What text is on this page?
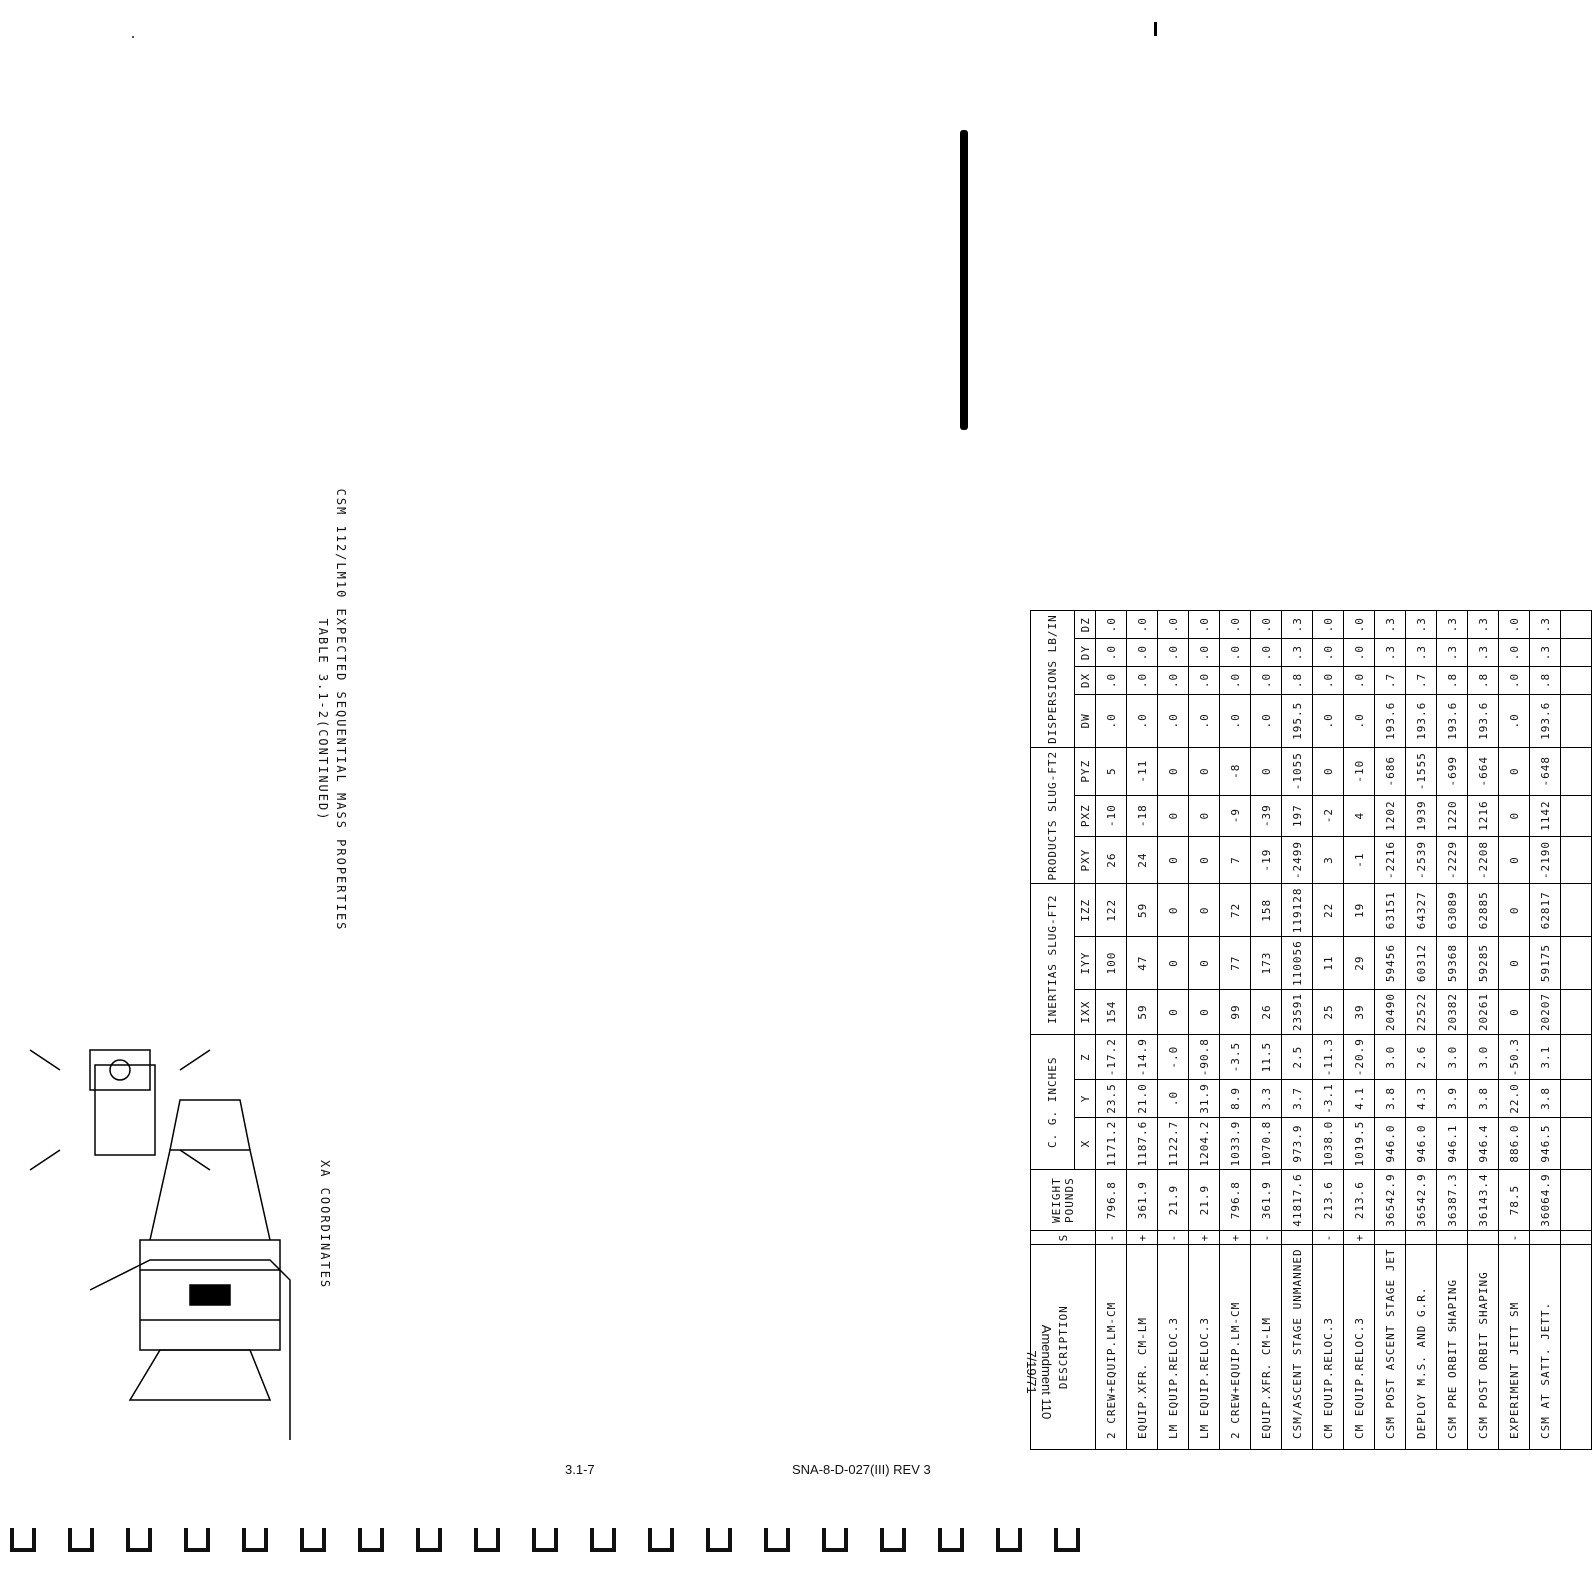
Amendment 110
7/19/71
TABLE 3.1-2(CONTINUED) CSM 112/LM10 EXPECTED SEQUENTIAL MASS PROPERTIES
DESCRIPTION	S	WEIGHT POUNDS	C. G. INCHES			INERTIAS SLUG-FT2			PRODUCTS SLUG-FT2			DISPERSIONS LB/IN			
			X	Y	Z	IXX	IYY	IZZ	PXY	PXZ	PYZ	DW	DX	DY	DZ
2 CREW+EQUIP.LM-CM	-	796.8	1171.2	23.5	-17.2	154	100	122	26	-10	5	.0	.0	.0	.0
EQUIP.XFR. CM-LM	+	361.9	1187.6	21.0	-14.9	59	47	59	24	-18	-11	.0	.0	.0	.0
LM EQUIP.RELOC.3	-	21.9	1122.7	.0	-.0	0	0	0	0	0	0	.0	.0	.0	.0
LM EQUIP.RELOC.3	+	21.9	1204.2	31.9	-90.8	0	0	0	0	0	0	.0	.0	.0	.0
2 CREW+EQUIP.LM-CM	+	796.8	1033.9	8.9	-3.5	99	77	72	7	-9	-8	.0	.0	.0	.0
EQUIP.XFR. CM-LM	-	361.9	1070.8	3.3	11.5	26	173	158	-19	-39	0	.0	.0	.0	.0
CSM/ASCENT STAGE UNMANNED		41817.6	973.9	3.7	2.5	23591	110056	119128	-2499	197	-1055	195.5	.8	.3	.3
CM EQUIP.RELOC.3	-	213.6	1038.0	-3.1	-11.3	25	11	22	3	-2	0	.0	.0	.0	.0
CM EQUIP.RELOC.3	+	213.6	1019.5	4.1	-20.9	39	29	19	-1	4	-10	.0	.0	.0	.0
CSM POST ASCENT STAGE JET		36542.9	946.0	3.8	3.0	20490	59456	63151	-2216	1202	-686	193.6	.7	.3	.3
DEPLOY M.S. AND G.R.		36542.9	946.0	4.3	2.6	22522	60312	64327	-2539	1939	-1555	193.6	.7	.3	.3
CSM PRE ORBIT SHAPING		36387.3	946.1	3.9	3.0	20382	59368	63089	-2229	1220	-699	193.6	.8	.3	.3
CSM POST ORBIT SHAPING		36143.4	946.4	3.8	3.0	20261	59285	62885	-2208	1216	-664	193.6	.8	.3	.3
EXPERIMENT JETT SM	-	78.5	886.0	22.0	-50.3	0	0	0	0	0	0	.0	.0	.0	.0
CSM AT SATT. JETT.		36064.9	946.5	3.8	3.1	20207	59175	62817	-2190	1142	-648	193.6	.8	.3	.3

XA COORDINATES
3.1-7	SNA-8-D-027(III) REV 3
